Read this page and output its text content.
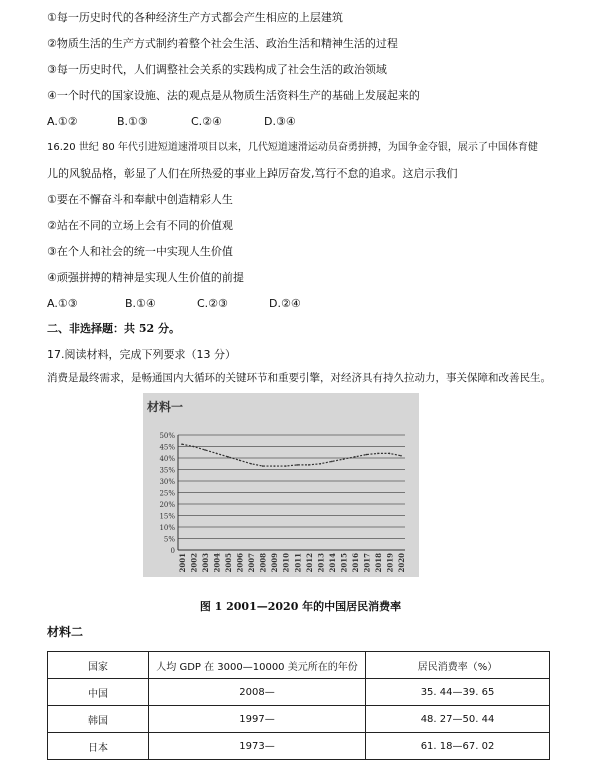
①每一历史时代的各种经济生产方式都会产生相应的上层建筑
②物质生活的生产方式制约着整个社会生活、政治生活和精神生活的过程
③每一历史时代，人们调整社会关系的实践构成了社会生活的政治领域
④一个时代的国家设施、法的观点是从物质生活资料生产的基础上发展起来的
A.①②	B.①③	C.②④	D.③④
16.20 世纪 80 年代引进短道速滑项目以来，几代短道速滑运动员奋勇拼搏，为国争金夺银，展示了中国体育健
儿的风貌品格，彰显了人们在所热爱的事业上踔厉奋发,笃行不怠的追求。这启示我们
①要在不懈奋斗和奉献中创造精彩人生
②站在不同的立场上会有不同的价值观
③在个人和社会的统一中实现人生价值
④顽强拼搏的精神是实现人生价值的前提
A.①③	B.①④	C.②③	D.②④
二、非选择题：共 52 分。
17.阅读材料，完成下列要求（13 分）
消费是最终需求，是畅通国内大循环的关键环节和重要引擎，对经济具有持久拉动力，事关保障和改善民生。
材料一
0
5%
10%
15%
20%
25%
30%
35%
40%
45%
50%
2001 2002 2003 2004 2005 2006 2007 2008 2009 2010 2011 2012 2013 2014 2015 2016 2017 2018 2019 2020
图 1 2001—2020 年的中国居民消费率
材料二
国家	人均 GDP 在 3000—10000 美元所在的年份	居民消费率（%）
中国	2008—	35. 44—39. 65
韩国	1997—	48. 27—50. 44
日本	1973—	61. 18—67. 02
